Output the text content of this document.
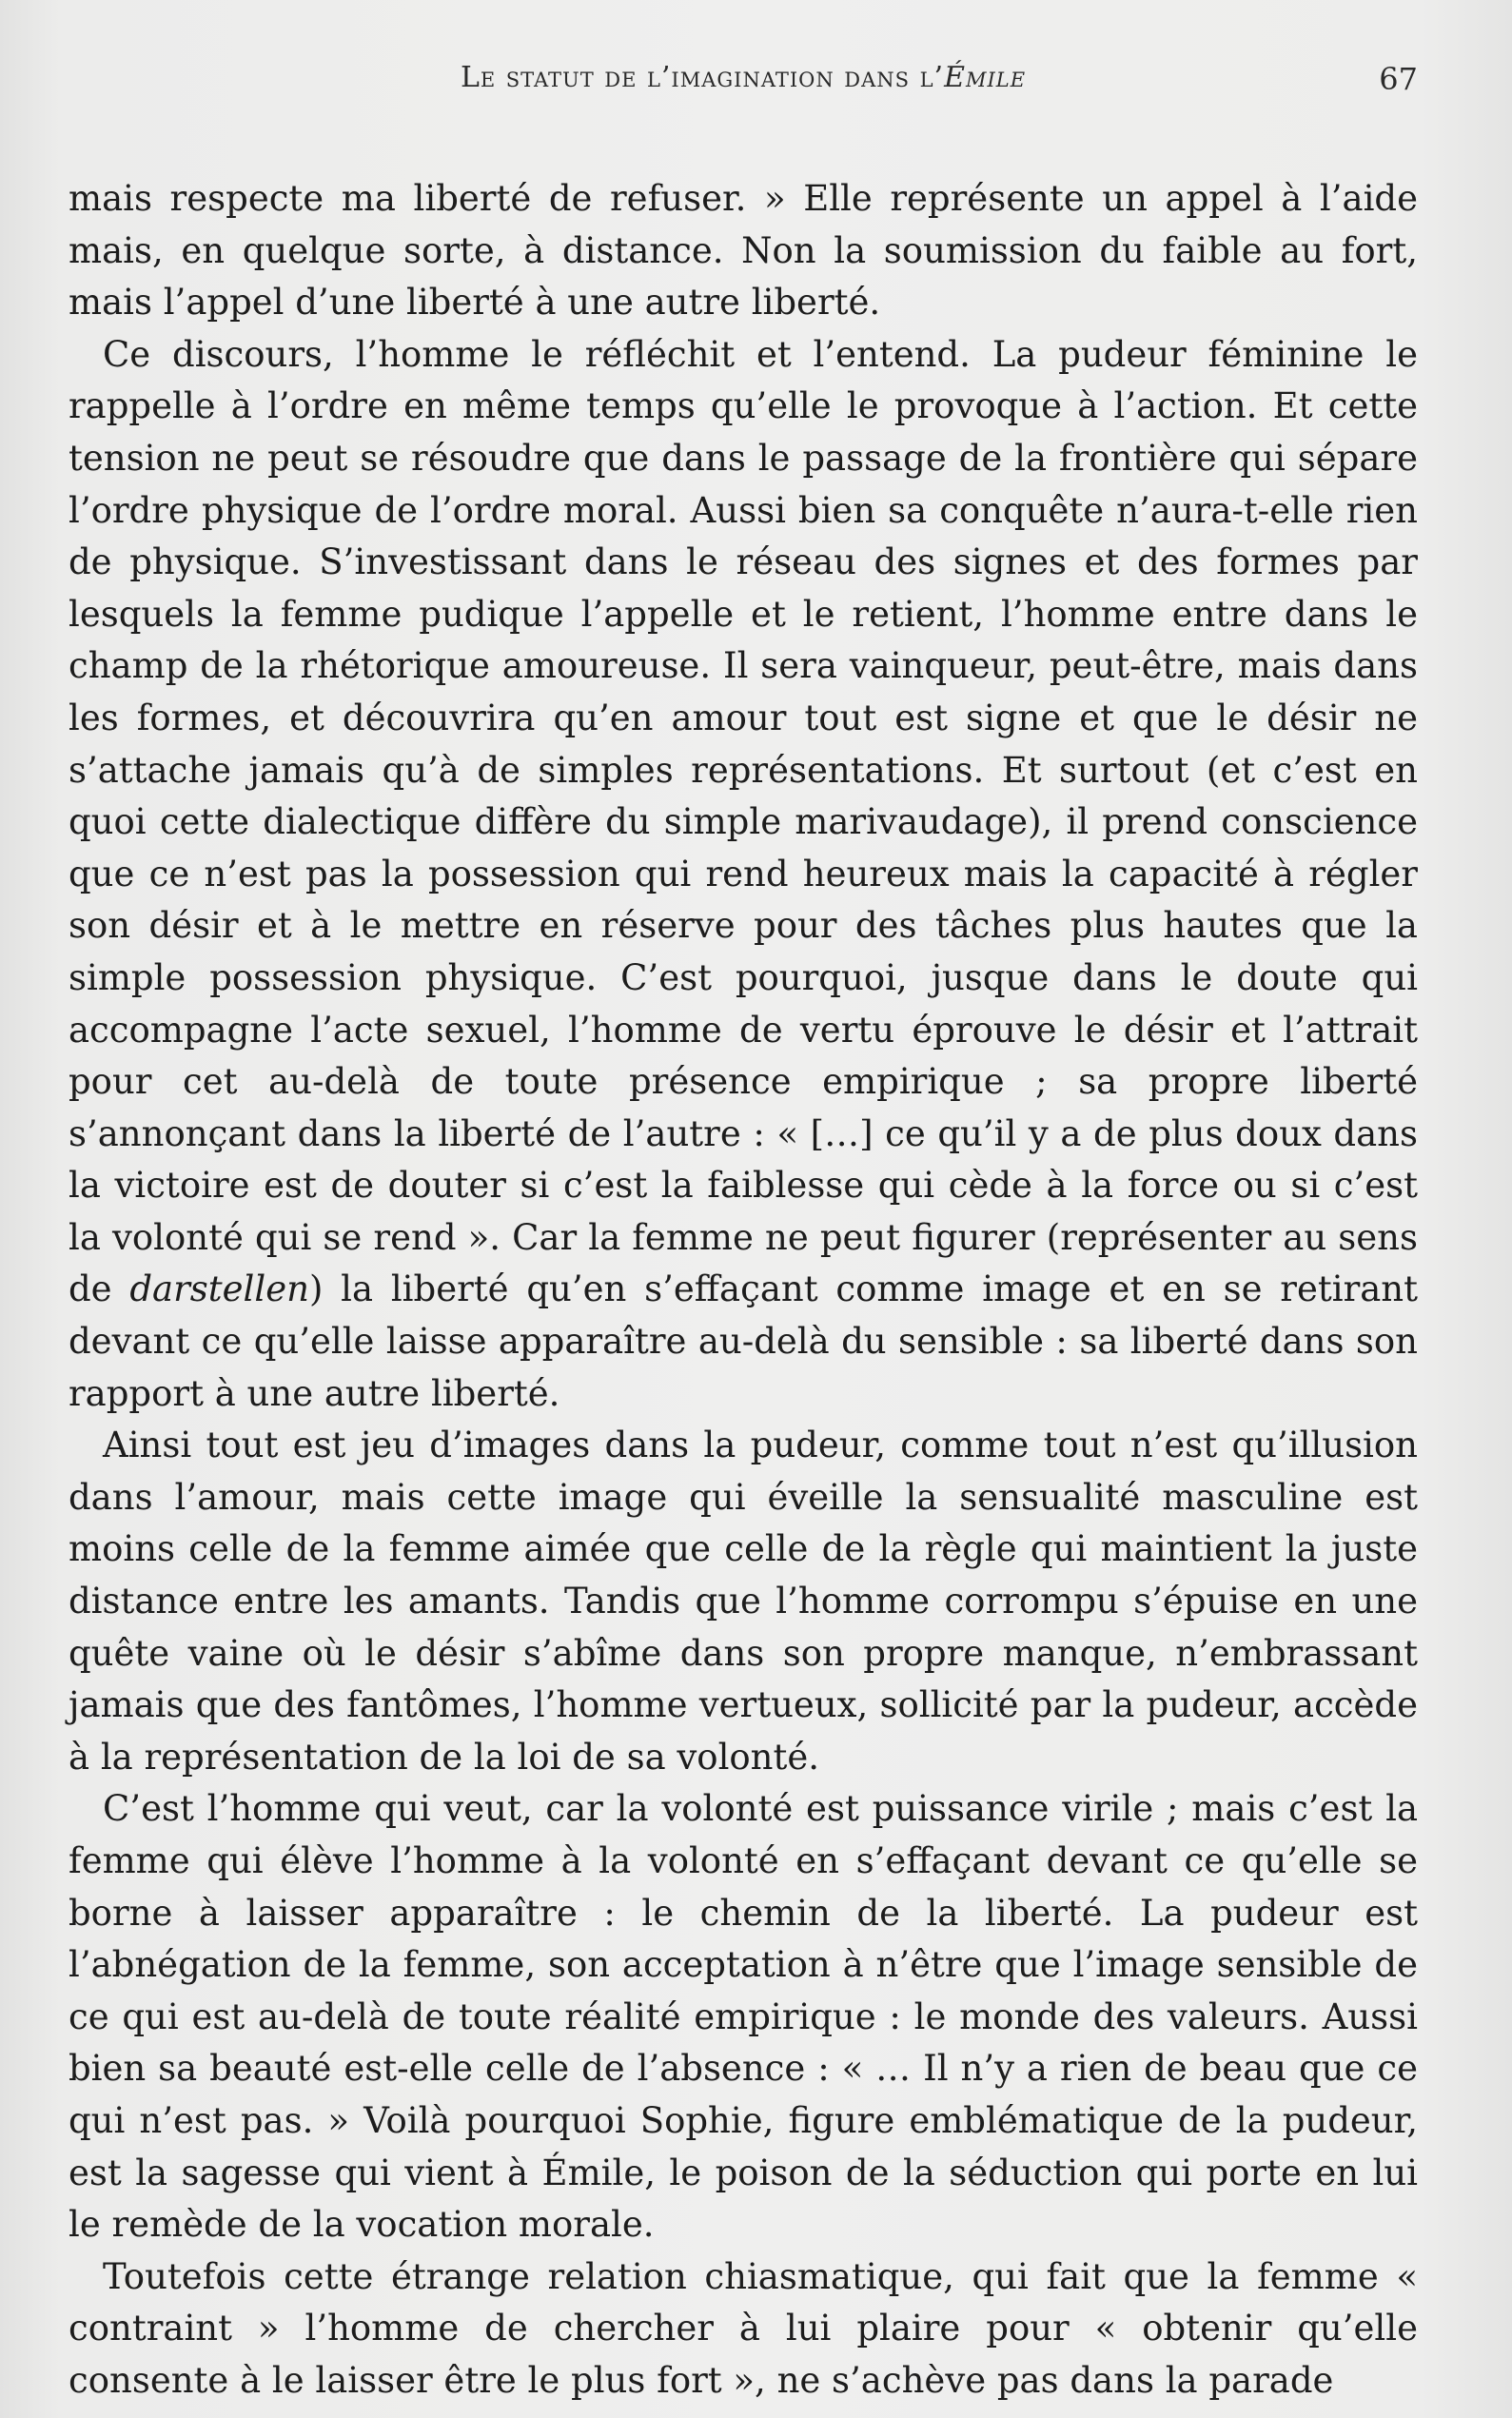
Le statut de l’imagination dans l’Émile	67

mais respecte ma liberté de refuser. » Elle représente un appel à l’aide mais, en quelque sorte, à distance. Non la soumission du faible au fort, mais l’appel d’une liberté à une autre liberté.

Ce discours, l’homme le réfléchit et l’entend. La pudeur féminine le rappelle à l’ordre en même temps qu’elle le provoque à l’action. Et cette tension ne peut se résoudre que dans le passage de la frontière qui sépare l’ordre physique de l’ordre moral. Aussi bien sa conquête n’aura-t-elle rien de physique. S’investissant dans le réseau des signes et des formes par lesquels la femme pudique l’appelle et le retient, l’homme entre dans le champ de la rhétorique amoureuse. Il sera vainqueur, peut-être, mais dans les formes, et découvrira qu’en amour tout est signe et que le désir ne s’attache jamais qu’à de simples représentations. Et surtout (et c’est en quoi cette dialectique diffère du simple marivaudage), il prend conscience que ce n’est pas la possession qui rend heureux mais la capacité à régler son désir et à le mettre en réserve pour des tâches plus hautes que la simple possession physique. C’est pourquoi, jusque dans le doute qui accompagne l’acte sexuel, l’homme de vertu éprouve le désir et l’attrait pour cet au-delà de toute présence empirique ; sa propre liberté s’annonçant dans la liberté de l’autre : « […] ce qu’il y a de plus doux dans la victoire est de douter si c’est la faiblesse qui cède à la force ou si c’est la volonté qui se rend ». Car la femme ne peut figurer (représenter au sens de darstellen) la liberté qu’en s’effaçant comme image et en se retirant devant ce qu’elle laisse apparaître au-delà du sensible : sa liberté dans son rapport à une autre liberté.

Ainsi tout est jeu d’images dans la pudeur, comme tout n’est qu’illusion dans l’amour, mais cette image qui éveille la sensualité masculine est moins celle de la femme aimée que celle de la règle qui maintient la juste distance entre les amants. Tandis que l’homme corrompu s’épuise en une quête vaine où le désir s’abîme dans son propre manque, n’embrassant jamais que des fantômes, l’homme vertueux, sollicité par la pudeur, accède à la représentation de la loi de sa volonté.

C’est l’homme qui veut, car la volonté est puissance virile ; mais c’est la femme qui élève l’homme à la volonté en s’effaçant devant ce qu’elle se borne à laisser apparaître : le chemin de la liberté. La pudeur est l’abnégation de la femme, son acceptation à n’être que l’image sensible de ce qui est au-delà de toute réalité empirique : le monde des valeurs. Aussi bien sa beauté est-elle celle de l’absence : « … Il n’y a rien de beau que ce qui n’est pas. » Voilà pourquoi Sophie, figure emblématique de la pudeur, est la sagesse qui vient à Émile, le poison de la séduction qui porte en lui le remède de la vocation morale.

Toutefois cette étrange relation chiasmatique, qui fait que la femme « contraint » l’homme de chercher à lui plaire pour « obtenir qu’elle consente à le laisser être le plus fort », ne s’achève pas dans la parade
